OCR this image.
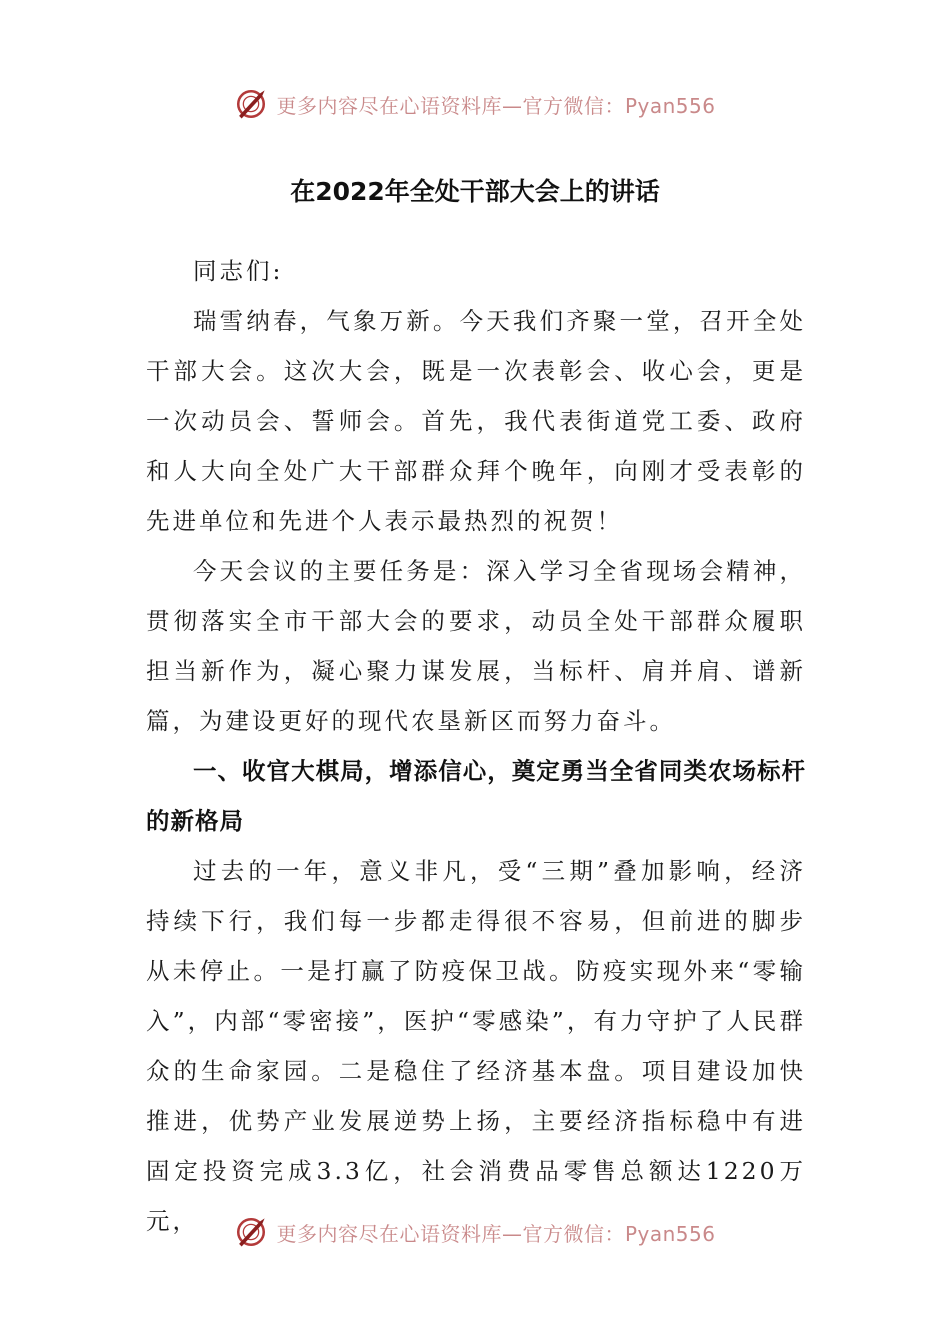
更多内容尽在心语资料库—官方微信：Pyan556
在2022年全处干部大会上的讲话

同志们:

瑞雪纳春，气象万新。今天我们齐聚一堂，召开全处干部大会。这次大会，既是一次表彰会、收心会，更是一次动员会、誓师会。首先，我代表街道党工委、政府和人大向全处广大干部群众拜个晚年，向刚才受表彰的先进单位和先进个人表示最热烈的祝贺！

今天会议的主要任务是：深入学习全省现场会精神，贯彻落实全市干部大会的要求，动员全处干部群众履职担当新作为，凝心聚力谋发展，当标杆、肩并肩、谱新篇，为建设更好的现代农垦新区而努力奋斗。

一、收官大棋局，增添信心，奠定勇当全省同类农场标杆的新格局

过去的一年，意义非凡，受“三期”叠加影响，经济持续下行，我们每一步都走得很不容易，但前进的脚步从未停止。一是打赢了防疫保卫战。防疫实现外来“零输入”，内部“零密接”，医护“零感染”，有力守护了人民群众的生命家园。二是稳住了经济基本盘。项目建设加快推进，优势产业发展逆势上扬，主要经济指标稳中有进固定投资完成3.3亿，社会消费品零售总额达1220万元，	更多内容尽在心语资料库—官方微信：Pyan556
